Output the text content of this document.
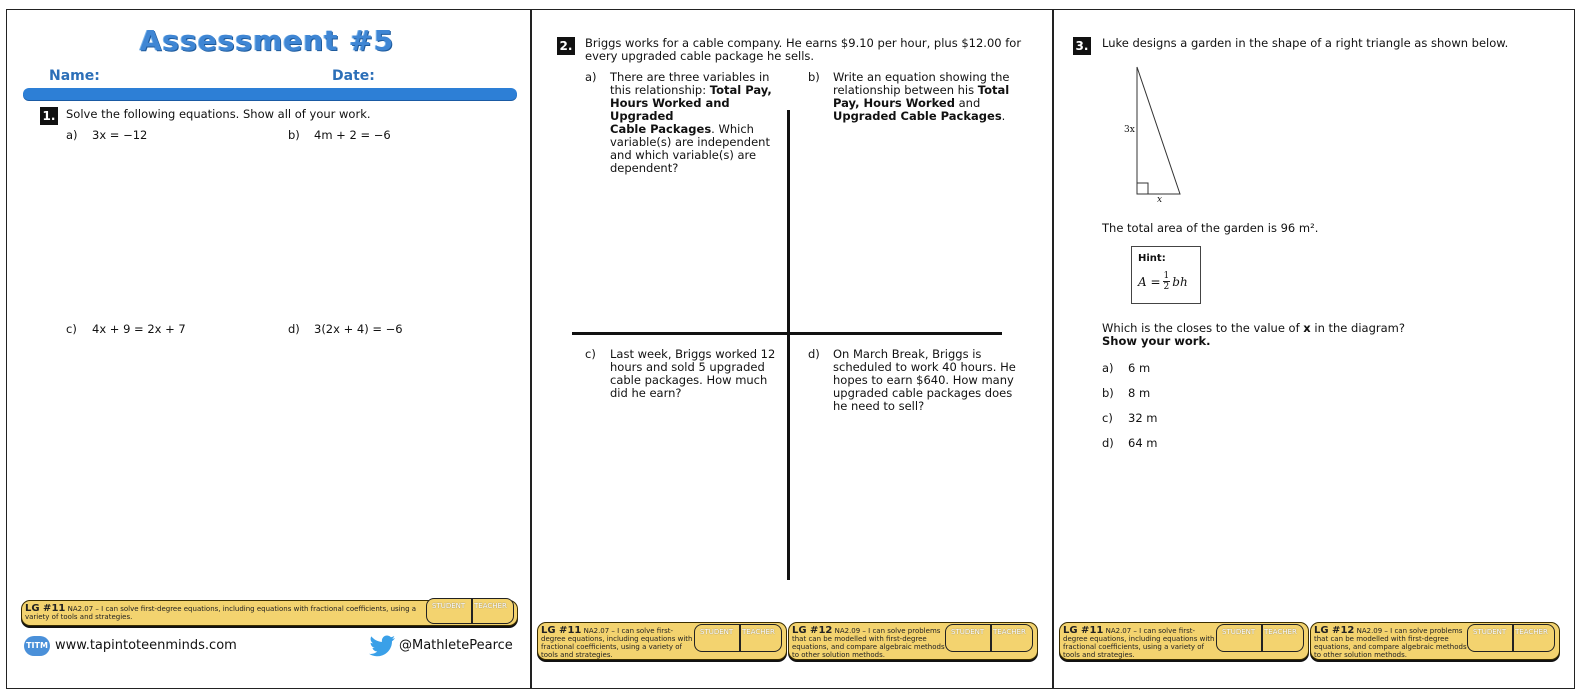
Assessment #5
Name:	Date:
1. Solve the following equations. Show all of your work.
a) 3x = −12	b) 4m + 2 = −6
c) 4x + 9 = 2x + 7	d) 3(2x + 4) = −6
LG #11 NA2.07 – I can solve first-degree equations, including equations with fractional coefficients, using a variety of tools and strategies.
STUDENT TEACHER
TITM www.tapintoteenminds.com	@MathletePearce
2. Briggs works for a cable company. He earns $9.10 per hour, plus $12.00 for
every upgraded cable package he sells.
a) There are three variables in
this relationship: Total Pay,
Hours Worked and Upgraded
Cable Packages. Which
variable(s) are independent
and which variable(s) are
dependent?
b) Write an equation showing the
relationship between his Total
Pay, Hours Worked and
Upgraded Cable Packages.
c) Last week, Briggs worked 12
hours and sold 5 upgraded
cable packages. How much
did he earn?
d) On March Break, Briggs is
scheduled to work 40 hours. He
hopes to earn $640. How many
upgraded cable packages does
he need to sell?
LG #11 NA2.07 – I can solve first-degree equations, including equations with fractional coefficients, using a variety of tools and strategies.
STUDENT TEACHER	LG #12 NA2.09 – I can solve problems that can be modelled with first-degree equations, and compare algebraic methods to other solution methods.
STUDENT TEACHER
3. Luke designs a garden in the shape of a right triangle as shown below.
3x
x
The total area of the garden is 96 m².
Hint:
$A = \frac{1}{2}$ bh
Which is the closes to the value of x in the diagram?
Show your work.
a) 6 m
b) 8 m
c) 32 m
d) 64 m
LG #11 NA2.07 – I can solve first-degree equations, including equations with fractional coefficients, using a variety of tools and strategies.
STUDENT TEACHER	LG #12 NA2.09 – I can solve problems that can be modelled with first-degree equations, and compare algebraic methods to other solution methods.
STUDENT TEACHER
